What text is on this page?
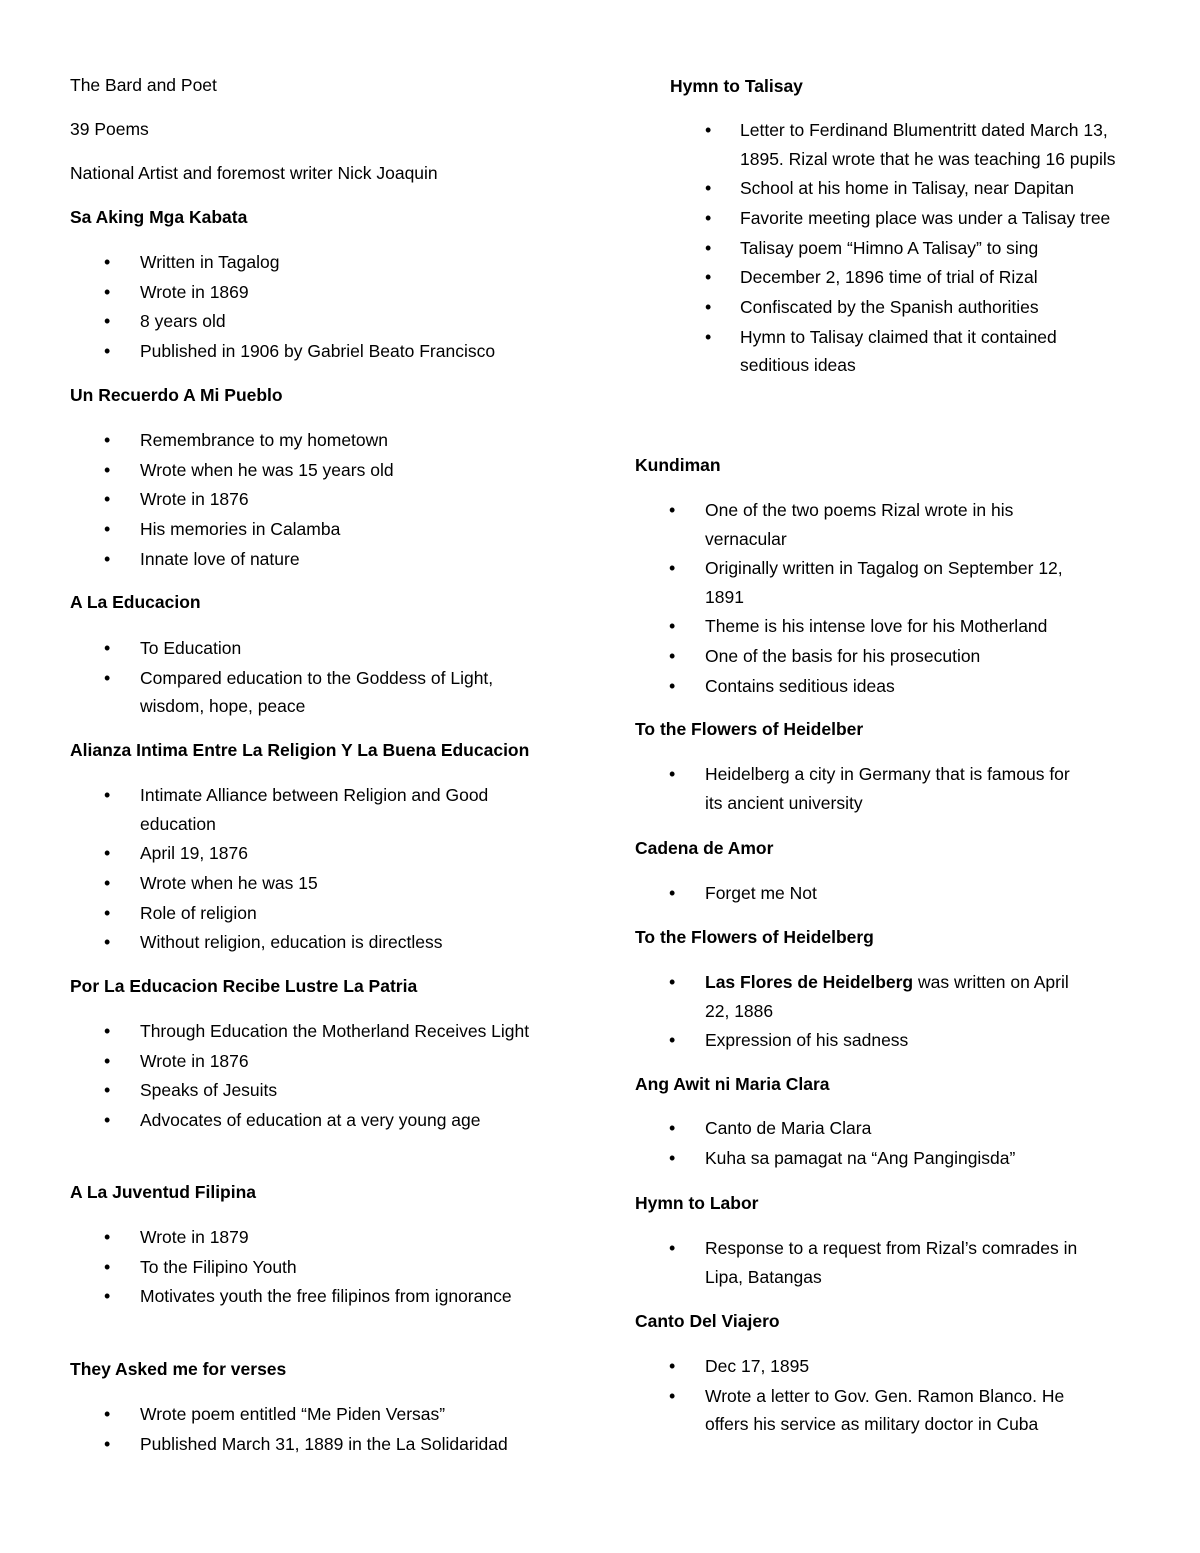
The Bard and Poet

39 Poems

National Artist and foremost writer Nick Joaquin

Sa Aking Mga Kabata

• Written in Tagalog
• Wrote in 1869
• 8 years old
• Published in 1906 by Gabriel Beato Francisco

Un Recuerdo A Mi Pueblo

• Remembrance to my hometown
• Wrote when he was 15 years old
• Wrote in 1876
• His memories in Calamba
• Innate love of nature

A La Educacion

• To Education
• Compared education to the Goddess of Light, wisdom, hope, peace

Alianza Intima Entre La Religion Y La Buena Educacion

• Intimate Alliance between Religion and Good education
• April 19, 1876
• Wrote when he was 15
• Role of religion
• Without religion, education is directless

Por La Educacion Recibe Lustre La Patria

• Through Education the Motherland Receives Light
• Wrote in 1876
• Speaks of Jesuits
• Advocates of education at a very young age

A La Juventud Filipina

• Wrote in 1879
• To the Filipino Youth
• Motivates youth the free filipinos from ignorance

They Asked me for verses

• Wrote poem entitled “Me Piden Versas”
• Published March 31, 1889 in the La Solidaridad

Hymn to Talisay

• Letter to Ferdinand Blumentritt dated March 13, 1895. Rizal wrote that he was teaching 16 pupils
• School at his home in Talisay, near Dapitan
• Favorite meeting place was under a Talisay tree
• Talisay poem “Himno A Talisay” to sing
• December 2, 1896 time of trial of Rizal
• Confiscated by the Spanish authorities
• Hymn to Talisay claimed that it contained seditious ideas

Kundiman

• One of the two poems Rizal wrote in his vernacular
• Originally written in Tagalog on September 12, 1891
• Theme is his intense love for his Motherland
• One of the basis for his prosecution
• Contains seditious ideas

To the Flowers of Heidelber

• Heidelberg a city in Germany that is famous for its ancient university

Cadena de Amor

• Forget me Not

To the Flowers of Heidelberg

• Las Flores de Heidelberg was written on April 22, 1886
• Expression of his sadness

Ang Awit ni Maria Clara

• Canto de Maria Clara
• Kuha sa pamagat na “Ang Pangingisda”

Hymn to Labor

• Response to a request from Rizal’s comrades in Lipa, Batangas

Canto Del Viajero

• Dec 17, 1895
• Wrote a letter to Gov. Gen. Ramon Blanco. He offers his service as military doctor in Cuba
